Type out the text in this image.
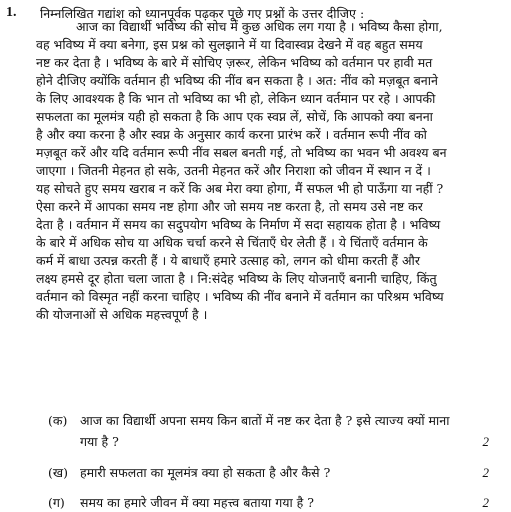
1. निम्नलिखित गद्यांश को ध्यानपूर्वक पढ़कर पूछे गए प्रश्नों के उत्तर दीजिए :
आज का विद्यार्थी भविष्य की सोच में कुछ अधिक लग गया है । भविष्य कैसा होगा,
वह भविष्य में क्या बनेगा, इस प्रश्न को सुलझाने में या दिवास्वप्न देखने में वह बहुत समय
नष्ट कर देता है । भविष्य के बारे में सोचिए ज़रूर, लेकिन भविष्य को वर्तमान पर हावी मत
होने दीजिए क्योंकि वर्तमान ही भविष्य की नींव बन सकता है । अत: नींव को मज़बूत बनाने
के लिए आवश्यक है कि भान तो भविष्य का भी हो, लेकिन ध्यान वर्तमान पर रहे । आपकी
सफलता का मूलमंत्र यही हो सकता है कि आप एक स्वप्न लें, सोचें, कि आपको क्या बनना
है और क्या करना है और स्वप्न के अनुसार कार्य करना प्रारंभ करें । वर्तमान रूपी नींव को
मज़बूत करें और यदि वर्तमान रूपी नींव सबल बनती गई, तो भविष्य का भवन भी अवश्य बन
जाएगा । जितनी मेहनत हो सके, उतनी मेहनत करें और निराशा को जीवन में स्थान न दें ।
यह सोचते हुए समय खराब न करें कि अब मेरा क्या होगा, मैं सफल भी हो पाऊँगा या नहीं ?
ऐसा करने में आपका समय नष्ट होगा और जो समय नष्ट करता है, तो समय उसे नष्ट कर
देता है । वर्तमान में समय का सदुपयोग भविष्य के निर्माण में सदा सहायक होता है । भविष्य
के बारे में अधिक सोच या अधिक चर्चा करने से चिंताएँ घेर लेती हैं । ये चिंताएँ वर्तमान के
कर्म में बाधा उत्पन्न करती हैं । ये बाधाएँ हमारे उत्साह को, लगन को धीमा करती हैं और
लक्ष्य हमसे दूर होता चला जाता है । नि:संदेह भविष्य के लिए योजनाएँ बनानी चाहिए, किंतु
वर्तमान को विस्मृत नहीं करना चाहिए । भविष्य की नींव बनाने में वर्तमान का परिश्रम भविष्य
की योजनाओं से अधिक महत्त्वपूर्ण है ।
(क) आज का विद्यार्थी अपना समय किन बातों में नष्ट कर देता है ? इसे त्याज्य क्यों माना
गया है ?	2
(ख) हमारी सफलता का मूलमंत्र क्या हो सकता है और कैसे ?	2
(ग) समय का हमारे जीवन में क्या महत्त्व बताया गया है ?	2
